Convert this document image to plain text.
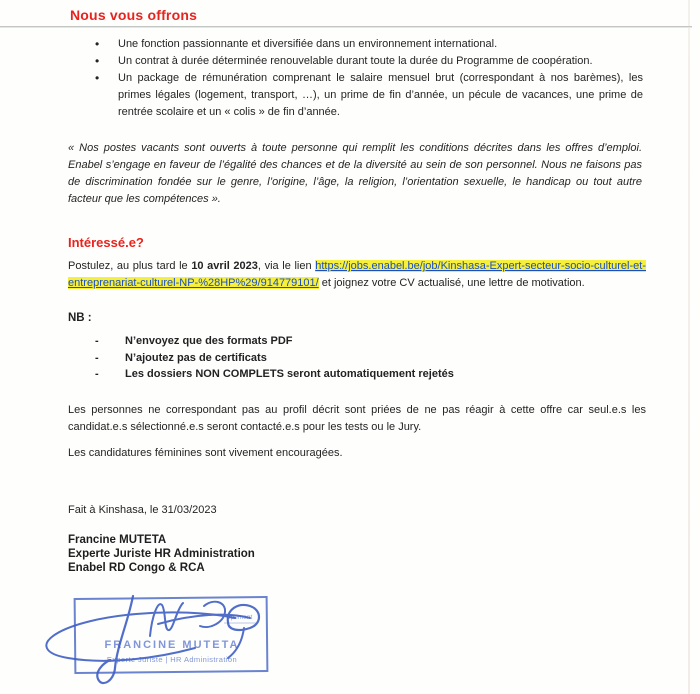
Nous vous offrons
• Une fonction passionnante et diversifiée dans un environnement international.
• Un contrat à durée déterminée renouvelable durant toute la durée du Programme de coopération.
• Un package de rémunération comprenant le salaire mensuel brut (correspondant à nos barèmes), les primes légales (logement, transport, …), un prime de fin d’année, un pécule de vacances, une prime de rentrée scolaire et un « colis » de fin d’année.

« Nos postes vacants sont ouverts à toute personne qui remplit les conditions décrites dans les offres d’emploi. Enabel s’engage en faveur de l’égalité des chances et de la diversité au sein de son personnel. Nous ne faisons pas de discrimination fondée sur le genre, l’origine, l’âge, la religion, l’orientation sexuelle, le handicap ou tout autre facteur que les compétences ».

Intéressé.e?

Postulez, au plus tard le 10 avril 2023, via le lien https://jobs.enabel.be/job/Kinshasa-Expert-secteur-socio-culturel-et-entreprenariat-culturel-NP-%28HP%29/914779101/ et joignez votre CV actualisé, une lettre de motivation.

NB :
- N’envoyez que des formats PDF
- N’ajoutez pas de certificats
- Les dossiers NON COMPLETS seront automatiquement rejetés

Les personnes ne correspondant pas au profil décrit sont priées de ne pas réagir à cette offre car seul.e.s les candidat.e.s sélectionné.e.s seront contacté.e.s pour les tests ou le Jury.

Les candidatures féminines sont vivement encouragées.

Fait à Kinshasa, le 31/03/2023

Francine MUTETA
Experte Juriste HR Administration
Enabel RD Congo & RCA
FRANCINE MUTETA
Experte Juriste | HR Administration
ppement
